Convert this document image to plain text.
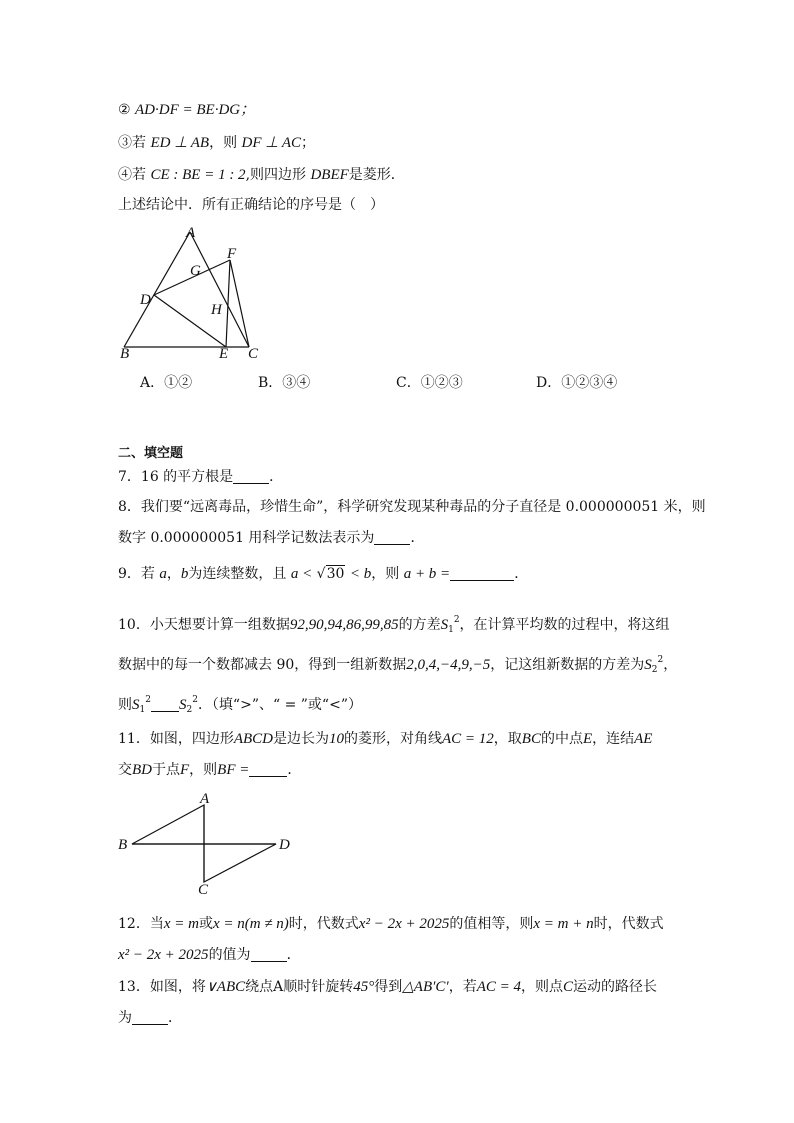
② AD·DF = BE·DG；
③若 ED ⊥ AB，则 DF ⊥ AC；
④若 CE : BE = 1 : 2,则四边形 DBEF是菱形．
上述结论中．所有正确结论的序号是（　）
A
F
G
D
H
B	E C
A．①②	B．③④	C．①②③	D．①②③④
二、填空题
7．16 的平方根是	．
8．我们要“远离毒品，珍惜生命”，科学研究发现某种毒品的分子直径是 0.000000051 米，则
数字 0.000000051 用科学记数法表示为	．
9．若 a，b为连续整数，且 a < √30 < b，则 a + b =	．
10．小天想要计算一组数据92,90,94,86,99,85的方差$S_1^2$，在计算平均数的过程中，将这组
数据中的每一个数都减去 90，得到一组新数据2,0,4,−4,9,−5，记这组新数据的方差为$S_2^2$，
则$S_1^2$ $S_2^2$．（填“>”、“ = ”或“<”）
11．如图，四边形ABCD是边长为10的菱形，对角线AC = 12，取BC的中点E，连结AE
交BD于点F，则BF =	．
A
B	D
C
12．当x = m或x = n(m ≠ n)时，代数式x² − 2x + 2025的值相等，则x = m + n时，代数式
x² − 2x + 2025的值为	．
13．如图，将∨ABC绕点A顺时针旋转45°得到△AB′C′，若AC = 4，则点C运动的路径长
为	．
